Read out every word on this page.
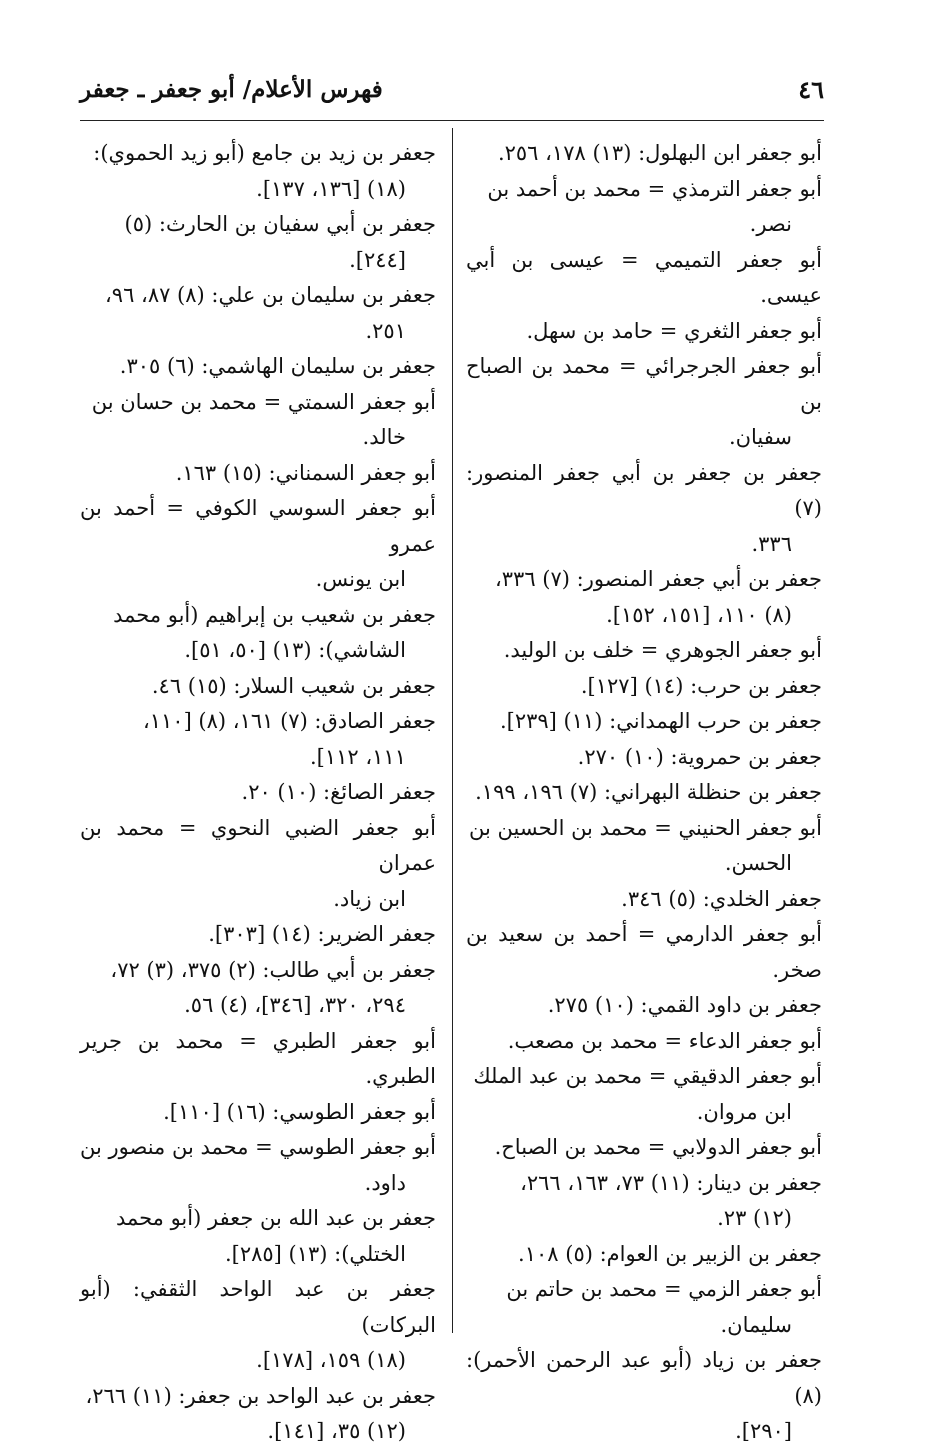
٤٦
فهرس الأعلام/ أبو جعفر ـ جعفر

أبو جعفر ابن البهلول: (١٣) ١٧٨، ٢٥٦.

أبو جعفر الترمذي = محمد بن أحمد بن
نصر.

أبو جعفر التميمي = عيسى بن أبي عيسى.

أبو جعفر الثغري = حامد بن سهل.

أبو جعفر الجرجرائي = محمد بن الصباح بن
سفيان.

جعفر بن جعفر بن أبي جعفر المنصور: (٧)
٣٣٦.

جعفر بن أبي جعفر المنصور: (٧) ٣٣٦،
(٨) ١١٠، [١٥١، ١٥٢].

أبو جعفر الجوهري = خلف بن الوليد.

جعفر بن حرب: (١٤) [١٢٧].

جعفر بن حرب الهمداني: (١١) [٢٣٩].

جعفر بن حمروية: (١٠) ٢٧٠.

جعفر بن حنظلة البهراني: (٧) ١٩٦، ١٩٩.

أبو جعفر الحنيني = محمد بن الحسين بن
الحسن.

جعفر الخلدي: (٥) ٣٤٦.

أبو جعفر الدارمي = أحمد بن سعيد بن صخر.

جعفر بن داود القمي: (١٠) ٢٧٥.

أبو جعفر الدعاء = محمد بن مصعب.

أبو جعفر الدقيقي = محمد بن عبد الملك
ابن مروان.

أبو جعفر الدولابي = محمد بن الصباح.

جعفر بن دينار: (١١) ٧٣، ١٦٣، ٢٦٦،
(١٢) ٢٣.

جعفر بن الزبير بن العوام: (٥) ١٠٨.

أبو جعفر الزمي = محمد بن حاتم بن
سليمان.

جعفر بن زياد (أبو عبد الرحمن الأحمر): (٨)
[٢٩٠].

جعفر بن زيد بن جامع (أبو زيد الحموي):
(١٨) [١٣٦، ١٣٧].

جعفر بن أبي سفيان بن الحارث: (٥)
[٢٤٤].

جعفر بن سليمان بن علي: (٨) ٨٧، ٩٦،
٢٥١.

جعفر بن سليمان الهاشمي: (٦) ٣٠٥.

أبو جعفر السمتي = محمد بن حسان بن
خالد.

أبو جعفر السمناني: (١٥) ١٦٣.

أبو جعفر السوسي الكوفي = أحمد بن عمرو
ابن يونس.

جعفر بن شعيب بن إبراهيم (أبو محمد
الشاشي): (١٣) [٥٠، ٥١].

جعفر بن شعيب السلار: (١٥) ٤٦.

جعفر الصادق: (٧) ١٦١، (٨) [١١٠،
١١١، ١١٢].

جعفر الصائغ: (١٠) ٢٠.

أبو جعفر الضبي النحوي = محمد بن عمران
ابن زياد.

جعفر الضرير: (١٤) [٣٠٣].

جعفر بن أبي طالب: (٢) ٣٧٥، (٣) ٧٢،
٢٩٤، ٣٢٠، [٣٤٦]، (٤) ٥٦.

أبو جعفر الطبري = محمد بن جرير الطبري.

أبو جعفر الطوسي: (١٦) [١١٠].

أبو جعفر الطوسي = محمد بن منصور بن
داود.

جعفر بن عبد الله بن جعفر (أبو محمد
الختلي): (١٣) [٢٨٥].

جعفر بن عبد الواحد الثقفي: (أبو البركات)
(١٨) ١٥٩، [١٧٨].

جعفر بن عبد الواحد بن جعفر: (١١) ٢٦٦،
(١٢) ٣٥، [١٤١].
